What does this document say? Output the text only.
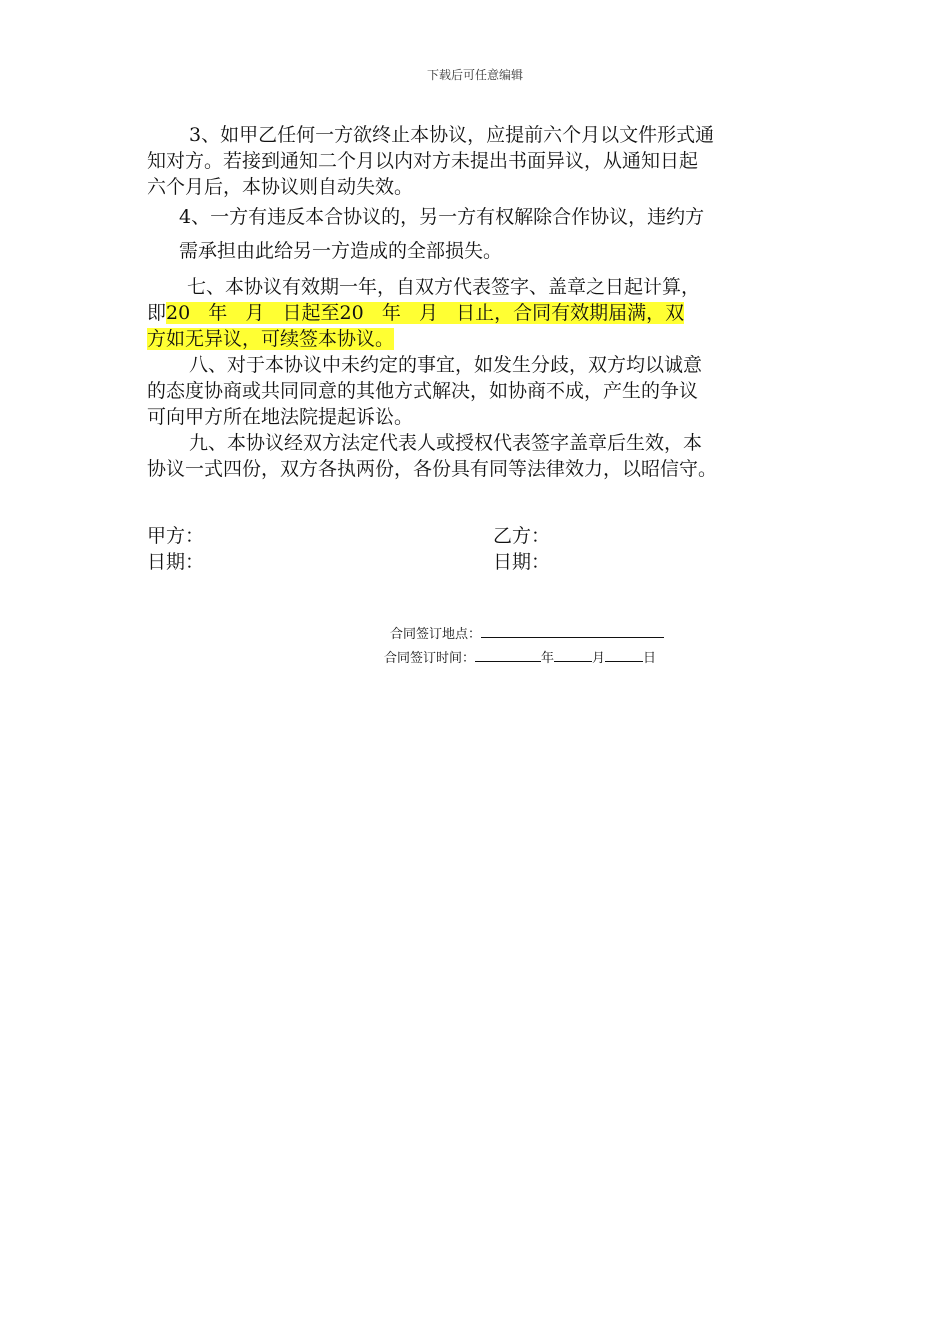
下载后可任意编辑
3、如甲乙任何一方欲终止本协议，应提前六个月以文件形式通
知对方。若接到通知二个月以内对方未提出书面异议，从通知日起
六个月后，本协议则自动失效。
4、一方有违反本合协议的，另一方有权解除合作协议，违约方
需承担由此给另一方造成的全部损失。
七、本协议有效期一年，自双方代表签字、盖章之日起计算，
即20   年   月   日起至20   年   月   日止，合同有效期届满，双
方如无异议，可续签本协议。
八、对于本协议中未约定的事宜，如发生分歧，双方均以诚意
的态度协商或共同同意的其他方式解决，如协商不成，产生的争议
可向甲方所在地法院提起诉讼。
九、本协议经双方法定代表人或授权代表签字盖章后生效，本
协议一式四份，双方各执两份，各份具有同等法律效力，以昭信守。
甲方：	乙方：
日期：	日期：
合同签订地点：
合同签订时间：	年	月	日
